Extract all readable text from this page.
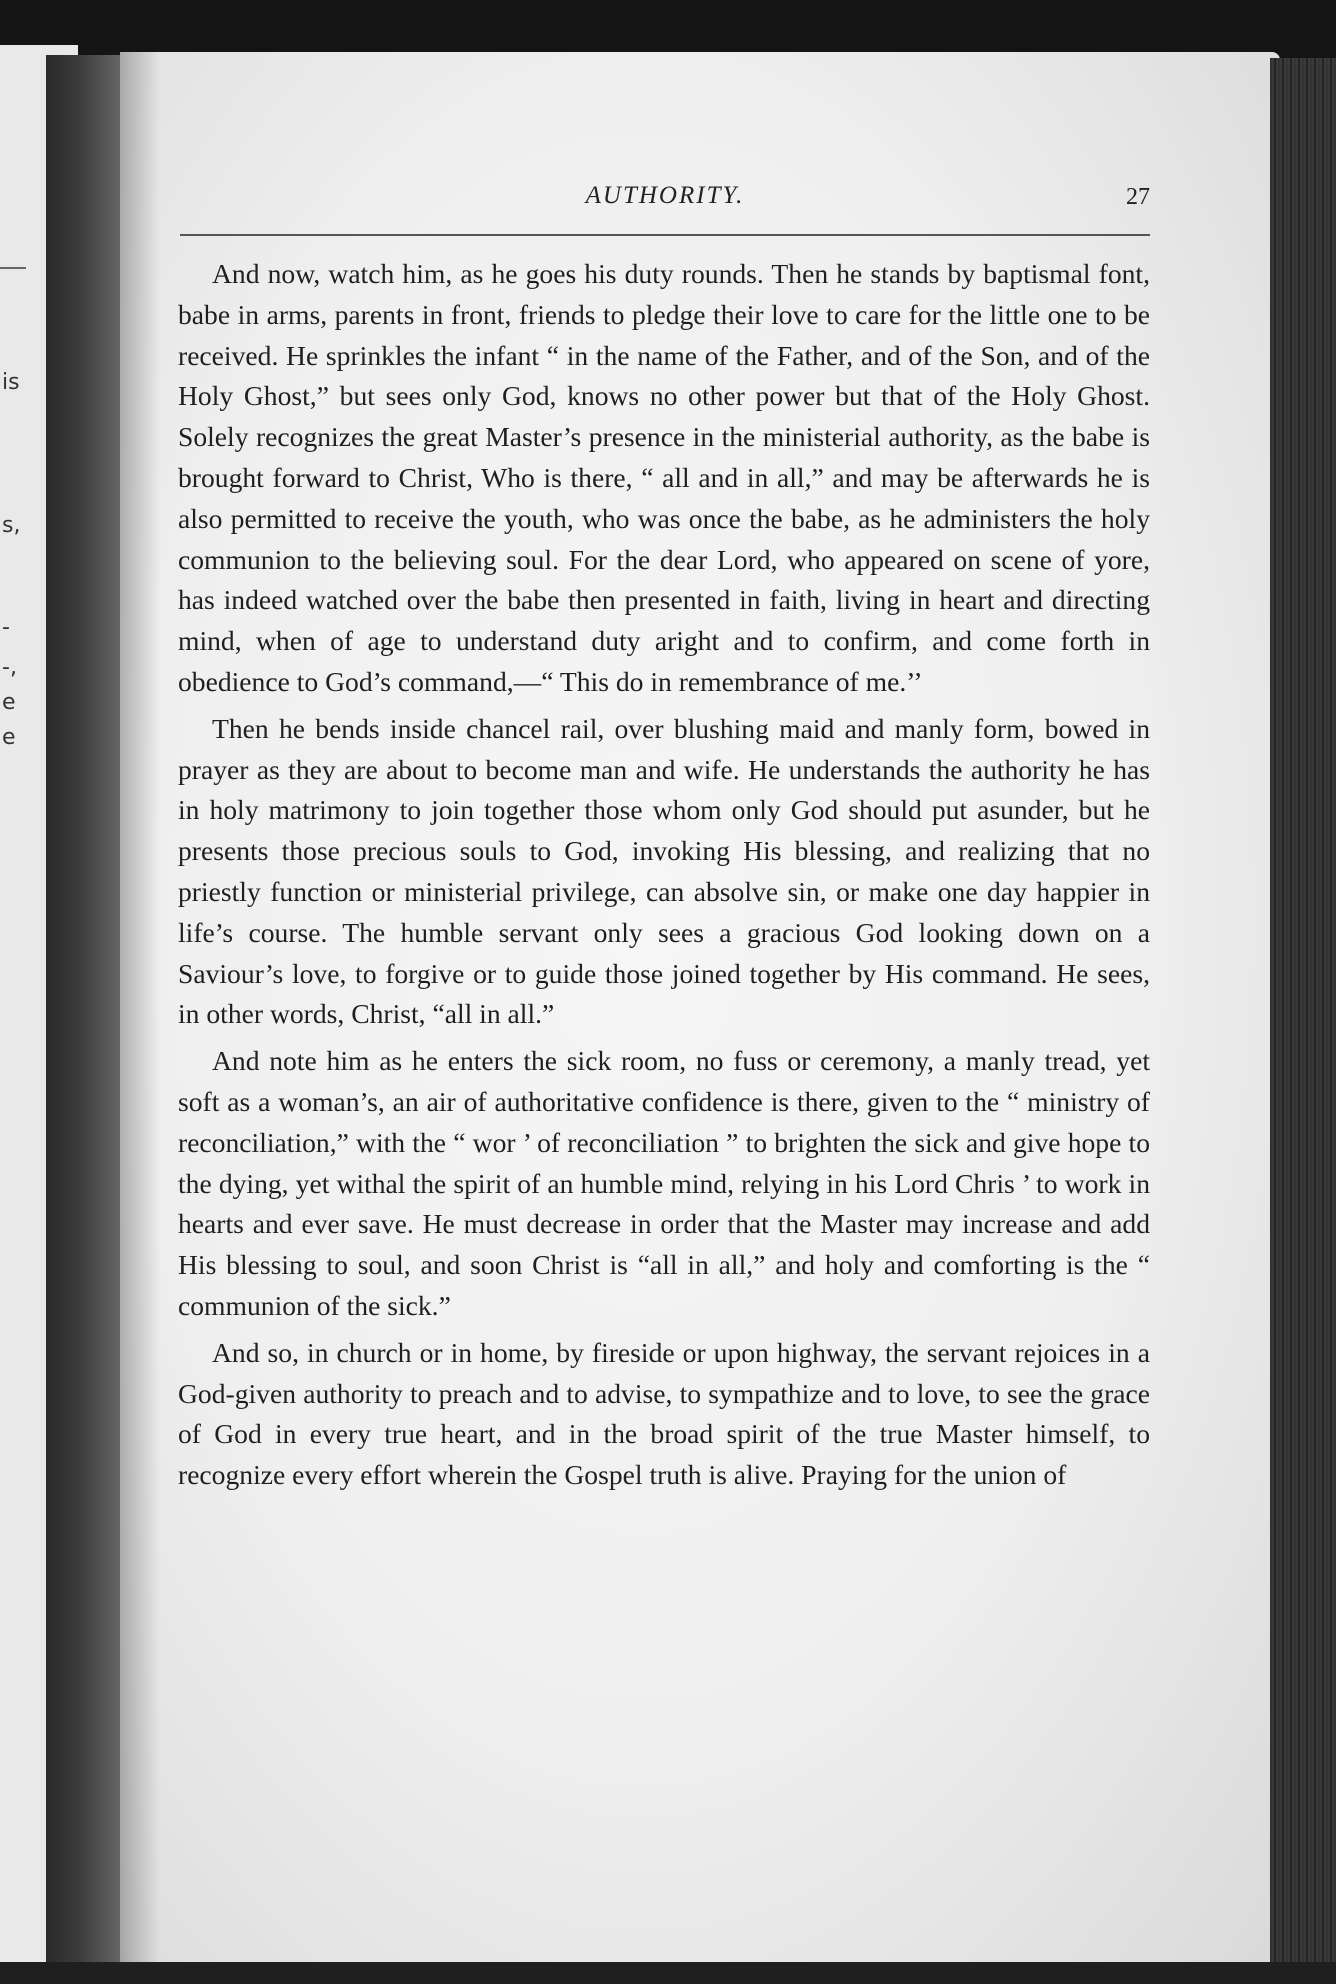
is
s,
-
-,
e
e
AUTHORITY.	27

And now, watch him, as he goes his duty rounds. Then he stands by baptismal font, babe in arms, parents in front, friends to pledge their love to care for the little one to be received. He sprinkles the infant “ in the name of the Father, and of the Son, and of the Holy Ghost,” but sees only God, knows no other power but that of the Holy Ghost. Solely recognizes the great Master’s presence in the ministerial authority, as the babe is brought forward to Christ, Who is there, “ all and in all,” and may be afterwards he is also permitted to receive the youth, who was once the babe, as he administers the holy communion to the believing soul. For the dear Lord, who appeared on scene of yore, has indeed watched over the babe then presented in faith, living in heart and directing mind, when of age to understand duty aright and to confirm, and come forth in obedience to God’s command,—“ This do in remembrance of me.’’

Then he bends inside chancel rail, over blushing maid and manly form, bowed in prayer as they are about to become man and wife. He understands the authority he has in holy matrimony to join together those whom only God should put asunder, but he presents those precious souls to God, invoking His blessing, and realizing that no priestly function or ministerial privilege, can absolve sin, or make one day happier in life’s course. The humble servant only sees a gracious God looking down on a Saviour’s love, to forgive or to guide those joined together by His command. He sees, in other words, Christ, “all in all.”

And note him as he enters the sick room, no fuss or ceremony, a manly tread, yet soft as a woman’s, an air of authoritative confidence is there, given to the “ ministry of reconciliation,” with the “ wor ’ of reconciliation ” to brighten the sick and give hope to the dying, yet withal the spirit of an humble mind, relying in his Lord Chris ’ to work in hearts and ever save. He must decrease in order that the Master may increase and add His blessing to soul, and soon Christ is “all in all,” and holy and comforting is the “ communion of the sick.”

And so, in church or in home, by fireside or upon highway, the servant rejoices in a God-given authority to preach and to advise, to sympathize and to love, to see the grace of God in every true heart, and in the broad spirit of the true Master himself, to recognize every effort wherein the Gospel truth is alive. Praying for the union of
